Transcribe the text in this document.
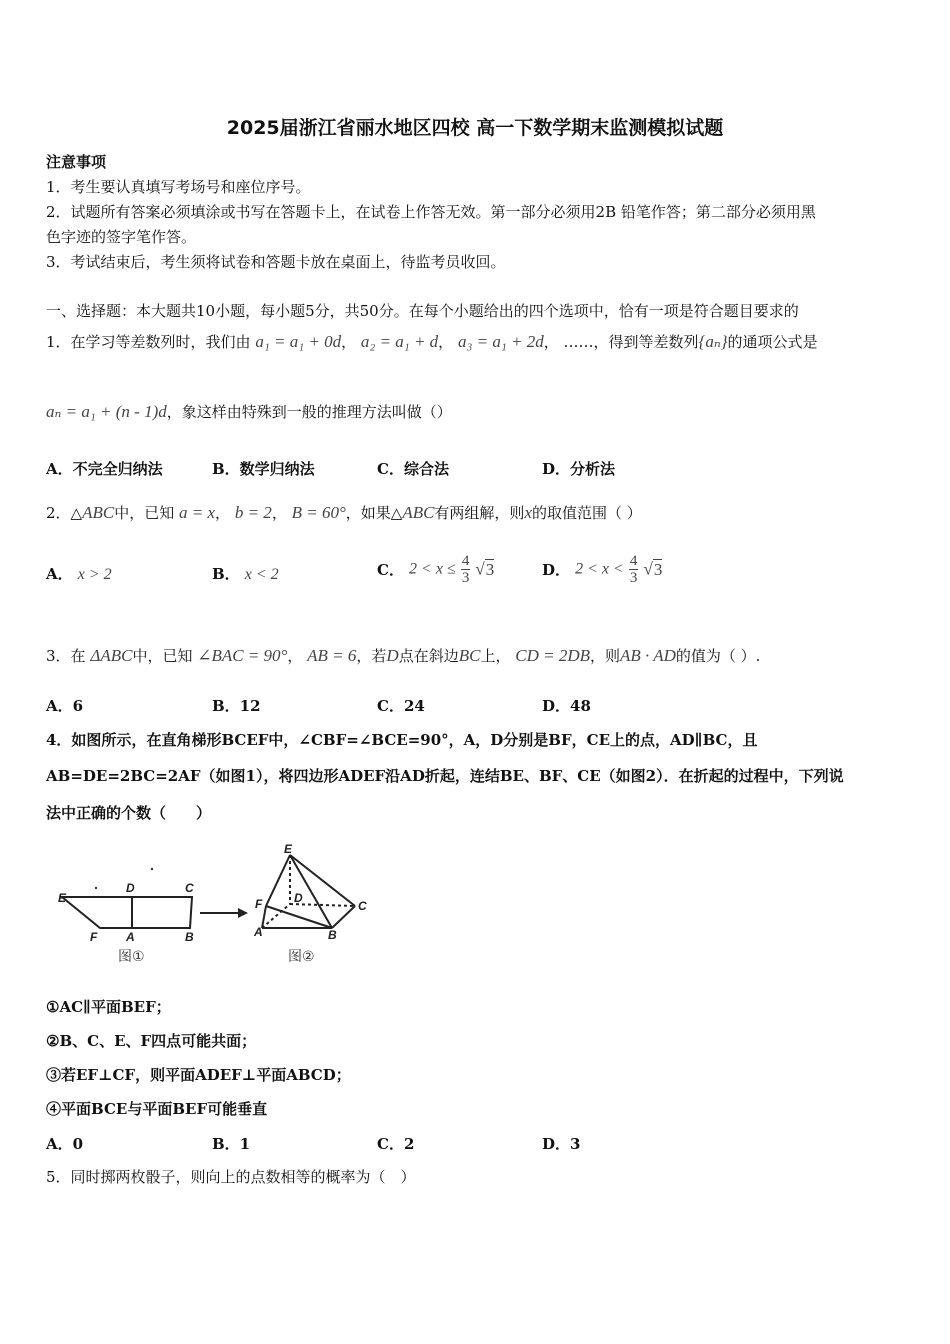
2025届浙江省丽水地区四校 高一下数学期末监测模拟试题
注意事项
1．考生要认真填写考场号和座位序号。
2．试题所有答案必须填涂或书写在答题卡上，在试卷上作答无效。第一部分必须用2B 铅笔作答；第二部分必须用黑
色字迹的签字笔作答。
3．考试结束后，考生须将试卷和答题卡放在桌面上，待监考员收回。
一、选择题：本大题共10小题，每小题5分，共50分。在每个小题给出的四个选项中，恰有一项是符合题目要求的
1．在学习等差数列时，我们由 a₁ = a₁ + 0d， a₂ = a₁ + d， a₃ = a₁ + 2d， ……，得到等差数列{aₙ}的通项公式是
aₙ = a₁ + (n - 1)d，象这样由特殊到一般的推理方法叫做（）
A．不完全归纳法	B．数学归纳法	C．综合法	D．分析法
2．△ABC中，已知 a = x， b = 2， B = 60°，如果△ABC有两组解，则x的取值范围（ ）
A． x > 2	B． x < 2	C． $2 < x \le \frac{4}{3} √3$	D． $2 < x < \frac{4}{3} √3$
3．在 ΔABC中，已知 ∠BAC = 90°， AB = 6，若D点在斜边BC上， CD = 2DB，则AB · AD的值为（ ）.
A．6	B．12	C．24	D．48
4．如图所示，在直角梯形BCEF中，∠CBF=∠BCE=90°，A，D分别是BF，CE上的点，AD∥BC，且
AB=DE=2BC=2AF（如图1），将四边形ADEF沿AD折起，连结BE、BF、CE（如图2）．在折起的过程中，下列说
法中正确的个数（　　）
E
D	C
F A	B
图①
E
F	D
C
A	B
图②
①AC∥平面BEF；
②B、C、E、F四点可能共面；
③若EF⊥CF，则平面ADEF⊥平面ABCD；
④平面BCE与平面BEF可能垂直
A．0	B．1	C．2	D．3
5．同时掷两枚骰子，则向上的点数相等的概率为（　）
